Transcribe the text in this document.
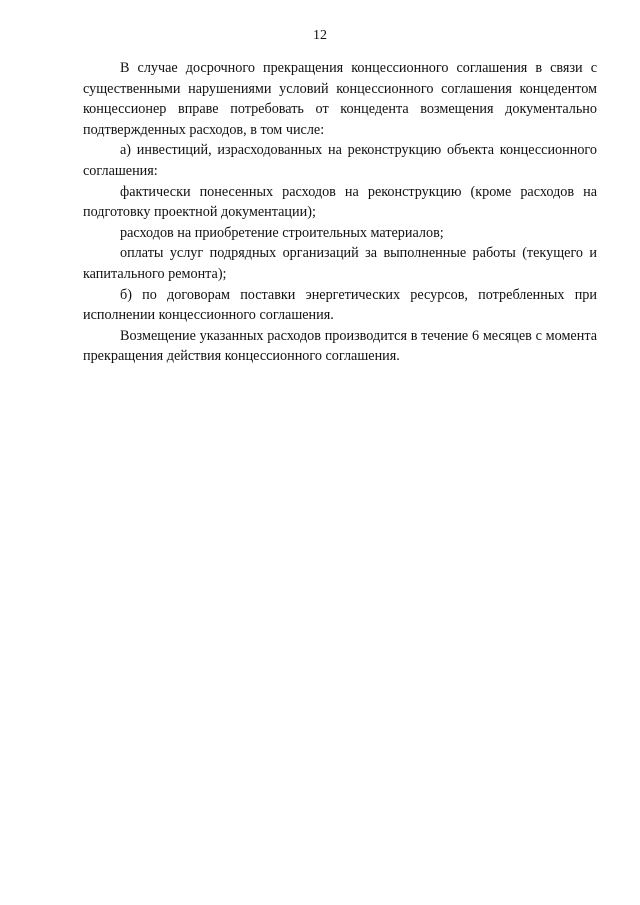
12

В случае досрочного прекращения концессионного соглашения в связи с существенными нарушениями условий концессионного соглашения концедентом концессионер вправе потребовать от концедента возмещения документально подтвержденных расходов, в том числе:

а) инвестиций, израсходованных на реконструкцию объекта концессионного соглашения:

фактически понесенных расходов на реконструкцию (кроме расходов на подготовку проектной документации);

расходов на приобретение строительных материалов;

оплаты услуг подрядных организаций за выполненные работы (текущего и капитального ремонта);

б) по договорам поставки энергетических ресурсов, потребленных при исполнении концессионного соглашения.

Возмещение указанных расходов производится в течение 6 месяцев с момента прекращения действия концессионного соглашения.
